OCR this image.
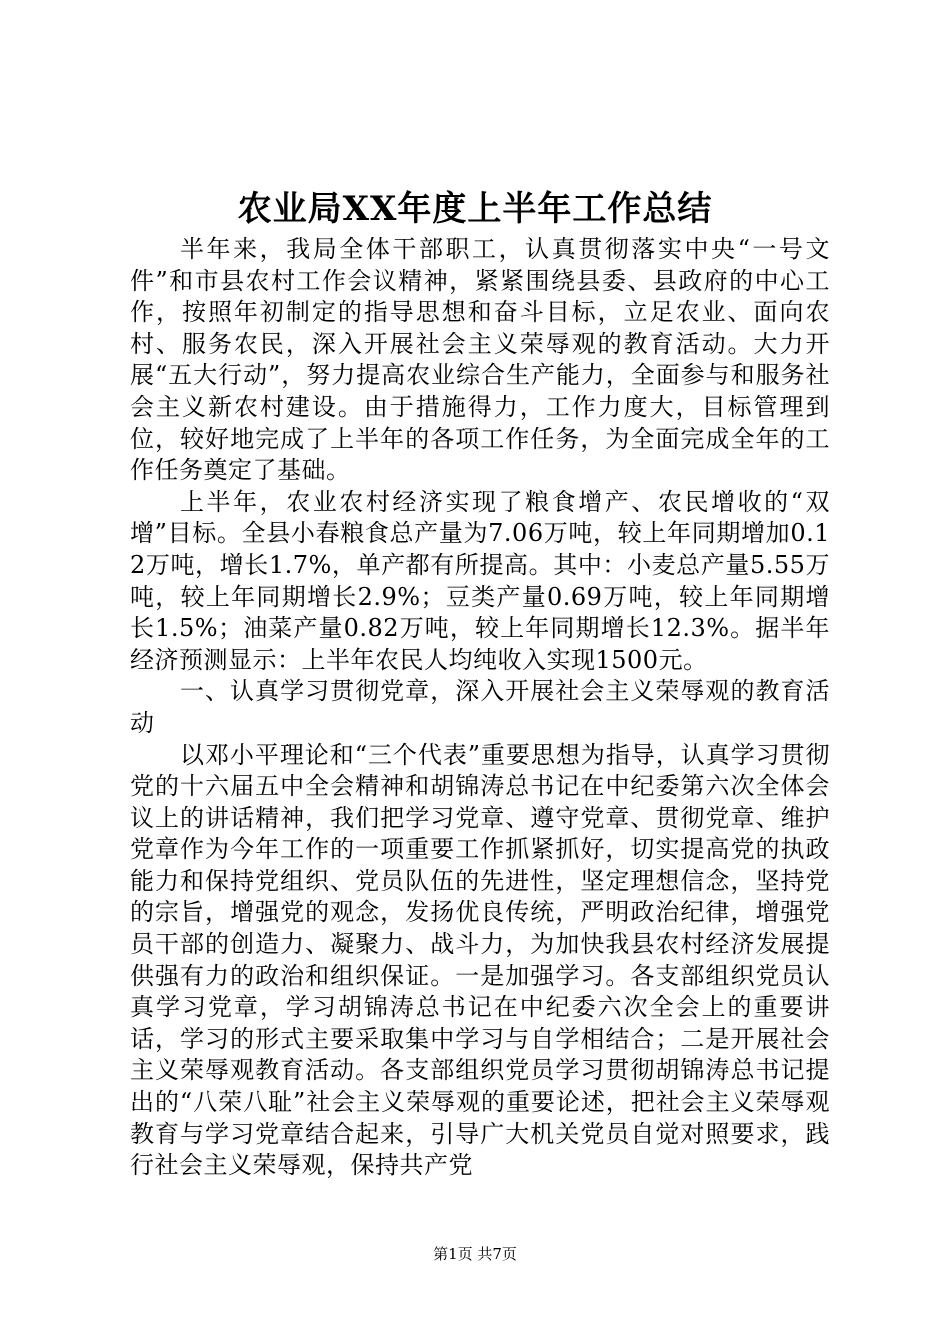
农业局XX年度上半年工作总结

半年来，我局全体干部职工，认真贯彻落实中央“一号文件”和市县农村工作会议精神，紧紧围绕县委、县政府的中心工作，按照年初制定的指导思想和奋斗目标，立足农业、面向农村、服务农民，深入开展社会主义荣辱观的教育活动。大力开展“五大行动”，努力提高农业综合生产能力，全面参与和服务社会主义新农村建设。由于措施得力，工作力度大，目标管理到位，较好地完成了上半年的各项工作任务，为全面完成全年的工作任务奠定了基础。

上半年，农业农村经济实现了粮食增产、农民增收的“双增”目标。全县小春粮食总产量为7.06万吨，较上年同期增加0.12万吨，增长1.7%，单产都有所提高。其中：小麦总产量5.55万吨，较上年同期增长2.9%；豆类产量0.69万吨，较上年同期增长1.5%；油菜产量0.82万吨，较上年同期增长12.3%。据半年经济预测显示：上半年农民人均纯收入实现1500元。

一、认真学习贯彻党章，深入开展社会主义荣辱观的教育活动

以邓小平理论和“三个代表”重要思想为指导，认真学习贯彻党的十六届五中全会精神和胡锦涛总书记在中纪委第六次全体会议上的讲话精神，我们把学习党章、遵守党章、贯彻党章、维护党章作为今年工作的一项重要工作抓紧抓好，切实提高党的执政能力和保持党组织、党员队伍的先进性，坚定理想信念，坚持党的宗旨，增强党的观念，发扬优良传统，严明政治纪律，增强党员干部的创造力、凝聚力、战斗力，为加快我县农村经济发展提供强有力的政治和组织保证。一是加强学习。各支部组织党员认真学习党章，学习胡锦涛总书记在中纪委六次全会上的重要讲话，学习的形式主要采取集中学习与自学相结合；二是开展社会主义荣辱观教育活动。各支部组织党员学习贯彻胡锦涛总书记提出的“八荣八耻”社会主义荣辱观的重要论述，把社会主义荣辱观教育与学习党章结合起来，引导广大机关党员自觉对照要求，践行社会主义荣辱观，保持共产党

第1页 共7页
